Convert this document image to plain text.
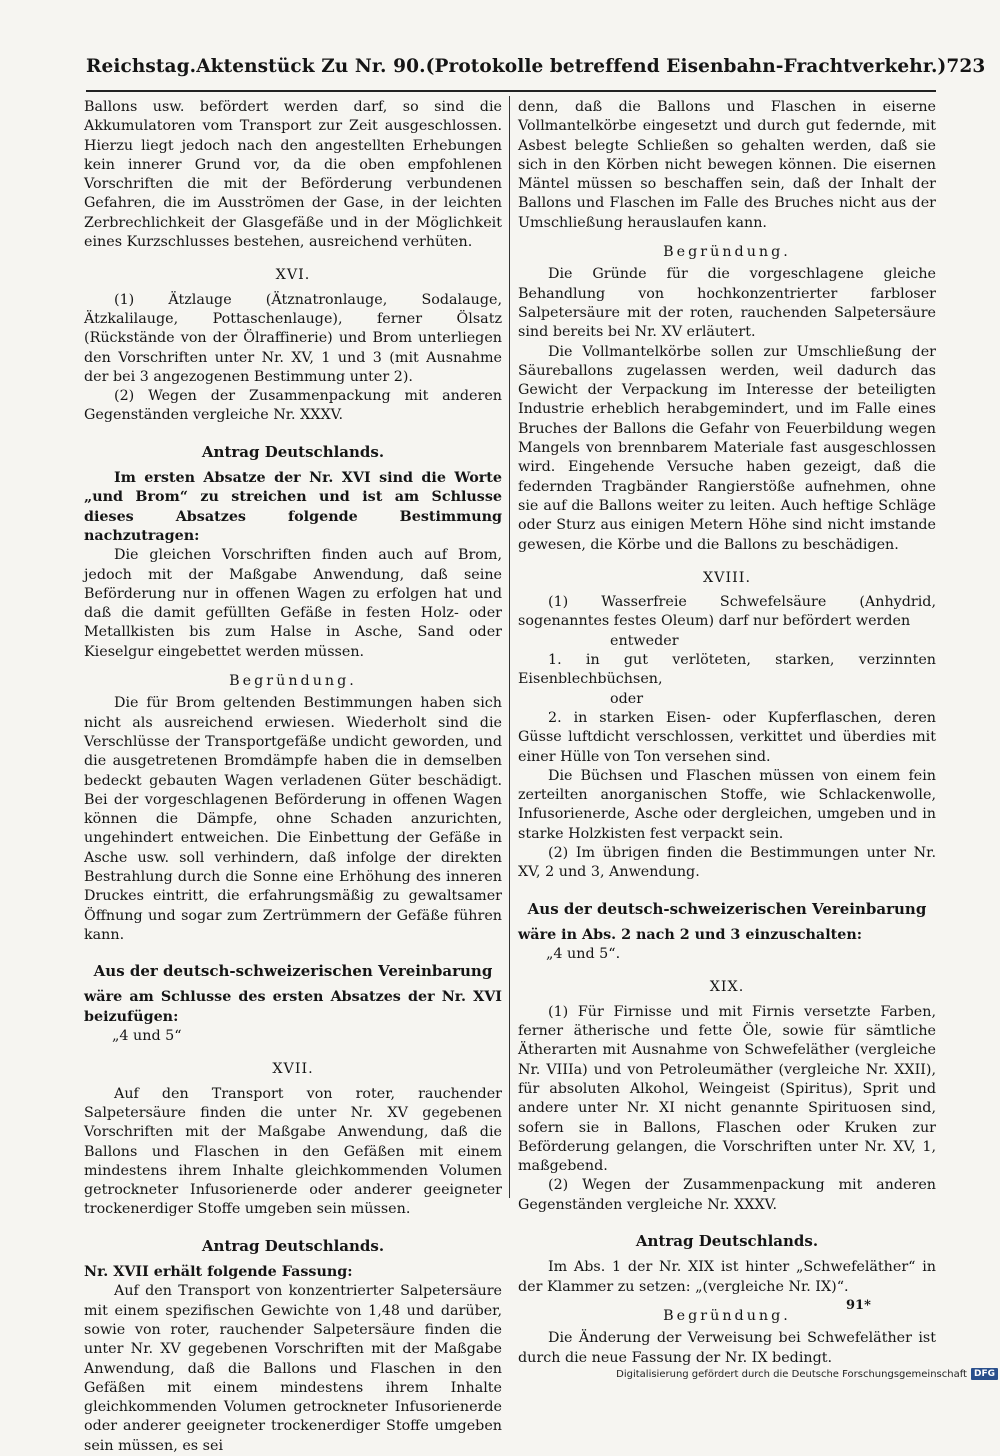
Reichstag. Aktenstück Zu Nr. 90. (Protokolle betreffend Eisenbahn-Frachtverkehr.) 723

Ballons usw. befördert werden darf, so sind die Akkumulatoren vom Transport zur Zeit ausgeschlossen. Hierzu liegt jedoch nach den angestellten Erhebungen kein innerer Grund vor, da die oben empfohlenen Vorschriften die mit der Beförderung verbundenen Gefahren, die im Ausströmen der Gase, in der leichten Zerbrechlichkeit der Glasgefäße und in der Möglichkeit eines Kurzschlusses bestehen, ausreichend verhüten.

XVI.

(1) Ätzlauge (Ätznatronlauge, Sodalauge, Ätzkalilauge, Pottaschenlauge), ferner Ölsatz (Rückstände von der Ölraffinerie) und Brom unterliegen den Vorschriften unter Nr. XV, 1 und 3 (mit Ausnahme der bei 3 angezogenen Bestimmung unter 2).

(2) Wegen der Zusammenpackung mit anderen Gegenständen vergleiche Nr. XXXV.

Antrag Deutschlands.

Im ersten Absatze der Nr. XVI sind die Worte „und Brom“ zu streichen und ist am Schlusse dieses Absatzes folgende Bestimmung nachzutragen:

Die gleichen Vorschriften finden auch auf Brom, jedoch mit der Maßgabe Anwendung, daß seine Beförderung nur in offenen Wagen zu erfolgen hat und daß die damit gefüllten Gefäße in festen Holz- oder Metallkisten bis zum Halse in Asche, Sand oder Kieselgur eingebettet werden müssen.

Begründung.

Die für Brom geltenden Bestimmungen haben sich nicht als ausreichend erwiesen. Wiederholt sind die Verschlüsse der Transportgefäße undicht geworden, und die ausgetretenen Bromdämpfe haben die in demselben bedeckt gebauten Wagen verladenen Güter beschädigt. Bei der vorgeschlagenen Beförderung in offenen Wagen können die Dämpfe, ohne Schaden anzurichten, ungehindert entweichen. Die Einbettung der Gefäße in Asche usw. soll verhindern, daß infolge der direkten Bestrahlung durch die Sonne eine Erhöhung des inneren Druckes eintritt, die erfahrungsmäßig zu gewaltsamer Öffnung und sogar zum Zertrümmern der Gefäße führen kann.

Aus der deutsch-schweizerischen Vereinbarung

wäre am Schlusse des ersten Absatzes der Nr. XVI beizufügen:

„4 und 5“

XVII.

Auf den Transport von roter, rauchender Salpetersäure finden die unter Nr. XV gegebenen Vorschriften mit der Maßgabe Anwendung, daß die Ballons und Flaschen in den Gefäßen mit einem mindestens ihrem Inhalte gleichkommenden Volumen getrockneter Infusorienerde oder anderer geeigneter trockenerdiger Stoffe umgeben sein müssen.

Antrag Deutschlands.

Nr. XVII erhält folgende Fassung:

Auf den Transport von konzentrierter Salpetersäure mit einem spezifischen Gewichte von 1,48 und darüber, sowie von roter, rauchender Salpetersäure finden die unter Nr. XV gegebenen Vorschriften mit der Maßgabe Anwendung, daß die Ballons und Flaschen in den Gefäßen mit einem mindestens ihrem Inhalte gleichkommenden Volumen getrockneter Infusorienerde oder anderer geeigneter trockenerdiger Stoffe umgeben sein müssen, es sei

denn, daß die Ballons und Flaschen in eiserne Vollmantelkörbe eingesetzt und durch gut federnde, mit Asbest belegte Schließen so gehalten werden, daß sie sich in den Körben nicht bewegen können. Die eisernen Mäntel müssen so beschaffen sein, daß der Inhalt der Ballons und Flaschen im Falle des Bruches nicht aus der Umschließung herauslaufen kann.

Begründung.

Die Gründe für die vorgeschlagene gleiche Behandlung von hochkonzentrierter farbloser Salpetersäure mit der roten, rauchenden Salpetersäure sind bereits bei Nr. XV erläutert.

Die Vollmantelkörbe sollen zur Umschließung der Säureballons zugelassen werden, weil dadurch das Gewicht der Verpackung im Interesse der beteiligten Industrie erheblich herabgemindert, und im Falle eines Bruches der Ballons die Gefahr von Feuerbildung wegen Mangels von brennbarem Materiale fast ausgeschlossen wird. Eingehende Versuche haben gezeigt, daß die federnden Tragbänder Rangierstöße aufnehmen, ohne sie auf die Ballons weiter zu leiten. Auch heftige Schläge oder Sturz aus einigen Metern Höhe sind nicht imstande gewesen, die Körbe und die Ballons zu beschädigen.

XVIII.

(1) Wasserfreie Schwefelsäure (Anhydrid, sogenanntes festes Oleum) darf nur befördert werden

entweder

1. in gut verlöteten, starken, verzinnten Eisenblechbüchsen,

oder

2. in starken Eisen- oder Kupferflaschen, deren Güsse luftdicht verschlossen, verkittet und überdies mit einer Hülle von Ton versehen sind.

Die Büchsen und Flaschen müssen von einem fein zerteilten anorganischen Stoffe, wie Schlackenwolle, Infusorienerde, Asche oder dergleichen, umgeben und in starke Holzkisten fest verpackt sein.

(2) Im übrigen finden die Bestimmungen unter Nr. XV, 2 und 3, Anwendung.

Aus der deutsch-schweizerischen Vereinbarung

wäre in Abs. 2 nach 2 und 3 einzuschalten:

„4 und 5“.

XIX.

(1) Für Firnisse und mit Firnis versetzte Farben, ferner ätherische und fette Öle, sowie für sämtliche Ätherarten mit Ausnahme von Schwefeläther (vergleiche Nr. VIIIa) und von Petroleumäther (vergleiche Nr. XXII), für absoluten Alkohol, Weingeist (Spiritus), Sprit und andere unter Nr. XI nicht genannte Spirituosen sind, sofern sie in Ballons, Flaschen oder Kruken zur Beförderung gelangen, die Vorschriften unter Nr. XV, 1, maßgebend.

(2) Wegen der Zusammenpackung mit anderen Gegenständen vergleiche Nr. XXXV.

Antrag Deutschlands.

Im Abs. 1 der Nr. XIX ist hinter „Schwefeläther“ in der Klammer zu setzen: „(vergleiche Nr. IX)“.

Begründung.

Die Änderung der Verweisung bei Schwefeläther ist durch die neue Fassung der Nr. IX bedingt.

91*
Digitalisierung gefördert durch die Deutsche Forschungsgemeinschaft DFG
